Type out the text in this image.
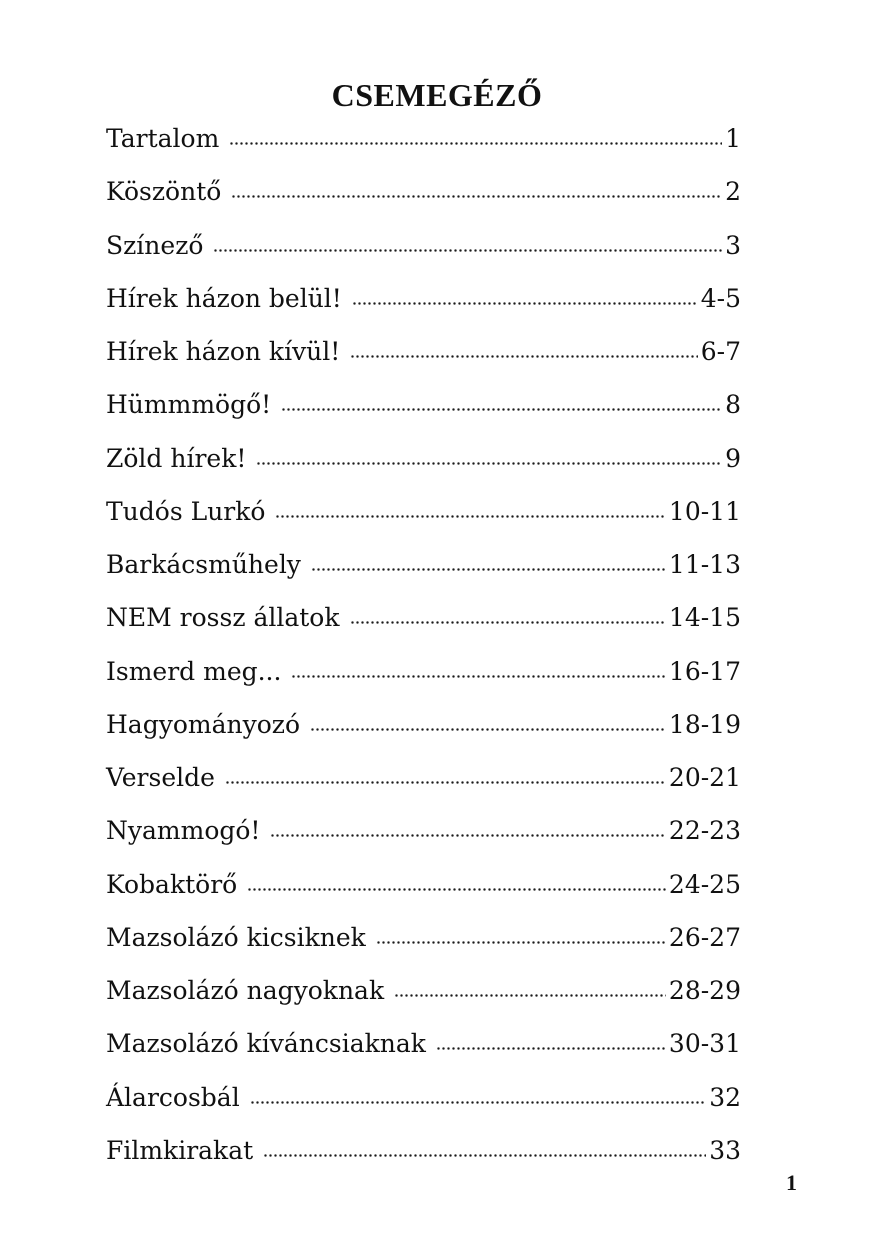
CSEMEGÉZŐ
Tartalom	1
Köszöntő	2
Színező	3
Hírek házon belül!	4-5
Hírek házon kívül!	6-7
Hümmmögő!	8
Zöld hírek!	9
Tudós Lurkó	10-11
Barkácsműhely	11-13
NEM rossz állatok	14-15
Ismerd meg...	16-17
Hagyományozó	18-19
Verselde	20-21
Nyammogó!	22-23
Kobaktörő	24-25
Mazsolázó kicsiknek	26-27
Mazsolázó nagyoknak	28-29
Mazsolázó kíváncsiaknak	30-31
Álarcosbál	32
Filmkirakat	33
1
